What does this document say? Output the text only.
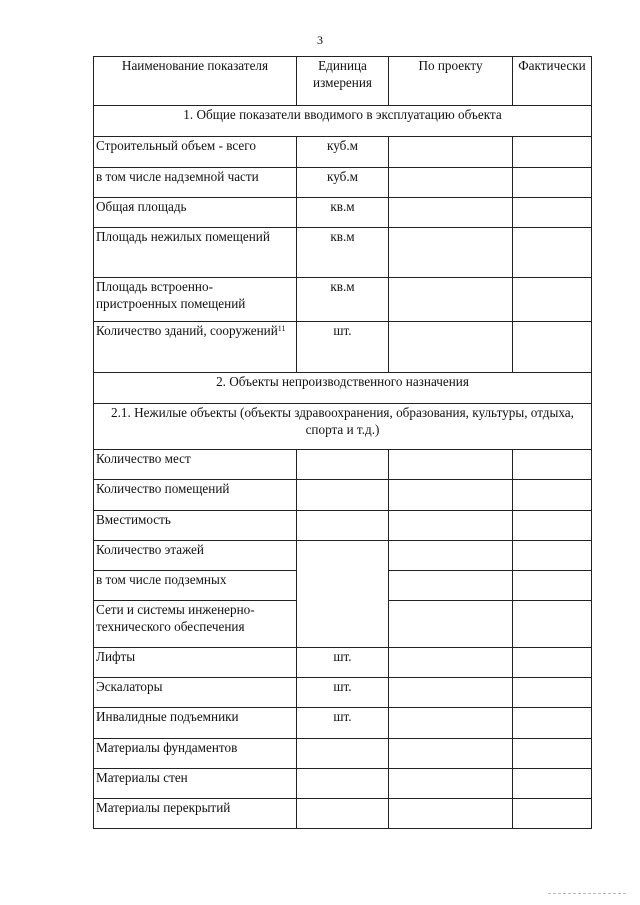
3
Наименование показателя	Единица измерения	По проекту	Фактически
1. Общие показатели вводимого в эксплуатацию объекта			
Строительный объем - всего	куб.м		
в том числе надземной части	куб.м		
Общая площадь	кв.м		
Площадь нежилых помещений	кв.м		
Площадь встроенно-пристроенных помещений	кв.м		
Количество зданий, сооружений$^{11}$	шт.		
2. Объекты непроизводственного назначения			
2.1. Нежилые объекты (объекты здравоохранения, образования, культуры, отдыха, спорта и т.д.)			
Количество мест			
Количество помещений			
Вместимость			
Количество этажей			
в том числе подземных			
Сети и системы инженерно-технического обеспечения			
Лифты	шт.		
Эскалаторы	шт.		
Инвалидные подъемники	шт.		
Материалы фундаментов			
Материалы стен			
Материалы перекрытий			
